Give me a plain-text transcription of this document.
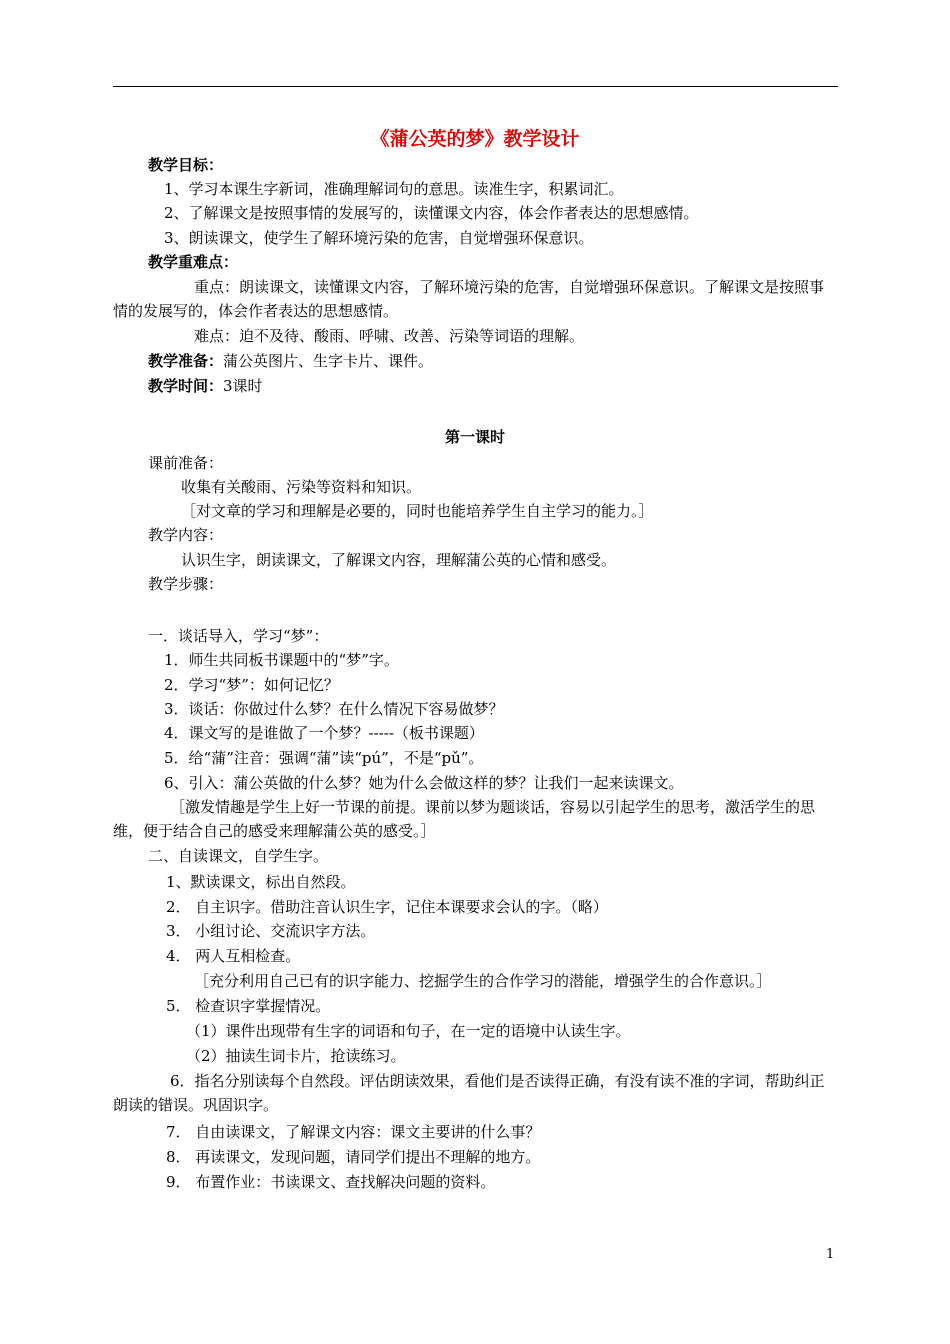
《蒲公英的梦》教学设计
教学目标：
1、学习本课生字新词，准确理解词句的意思。读准生字，积累词汇。
2、了解课文是按照事情的发展写的，读懂课文内容，体会作者表达的思想感情。
3、朗读课文，使学生了解环境污染的危害，自觉增强环保意识。
教学重难点：
重点：朗读课文，读懂课文内容，了解环境污染的危害，自觉增强环保意识。了解课文是按照事情的发展写的，体会作者表达的思想感情。
难点：迫不及待、酸雨、呼啸、改善、污染等词语的理解。
教学准备：蒲公英图片、生字卡片、课件。
教学时间：3课时
第一课时
课前准备：
收集有关酸雨、污染等资料和知识。
［对文章的学习和理解是必要的，同时也能培养学生自主学习的能力。］
教学内容：
认识生字，朗读课文，了解课文内容，理解蒲公英的心情和感受。
教学步骤：
一．谈话导入，学习“梦”：
1．师生共同板书课题中的“梦”字。
2．学习“梦”：如何记忆？
3．谈话：你做过什么梦？在什么情况下容易做梦？
4．课文写的是谁做了一个梦？-----（板书课题）
5．给“蒲”注音：强调“蒲”读“pú”，不是“pǔ”。
6、引入：蒲公英做的什么梦？她为什么会做这样的梦？让我们一起来读课文。
［激发情趣是学生上好一节课的前提。课前以梦为题谈话，容易以引起学生的思考，激活学生的思维，便于结合自己的感受来理解蒲公英的感受。］
二、自读课文，自学生字。
1、默读课文，标出自然段。
2． 自主识字。借助注音认识生字，记住本课要求会认的字。（略）
3． 小组讨论、交流识字方法。
4． 两人互相检查。
［充分利用自己已有的识字能力、挖掘学生的合作学习的潜能，增强学生的合作意识。］
5． 检查识字掌握情况。
（1）课件出现带有生字的词语和句子，在一定的语境中认读生字。
（2）抽读生词卡片，抢读练习。
6．指名分别读每个自然段。评估朗读效果，看他们是否读得正确，有没有读不准的字词，帮助纠正朗读的错误。巩固识字。
7． 自由读课文，了解课文内容：课文主要讲的什么事？
8． 再读课文，发现问题，请同学们提出不理解的地方。
9． 布置作业：书读课文、查找解决问题的资料。
1
